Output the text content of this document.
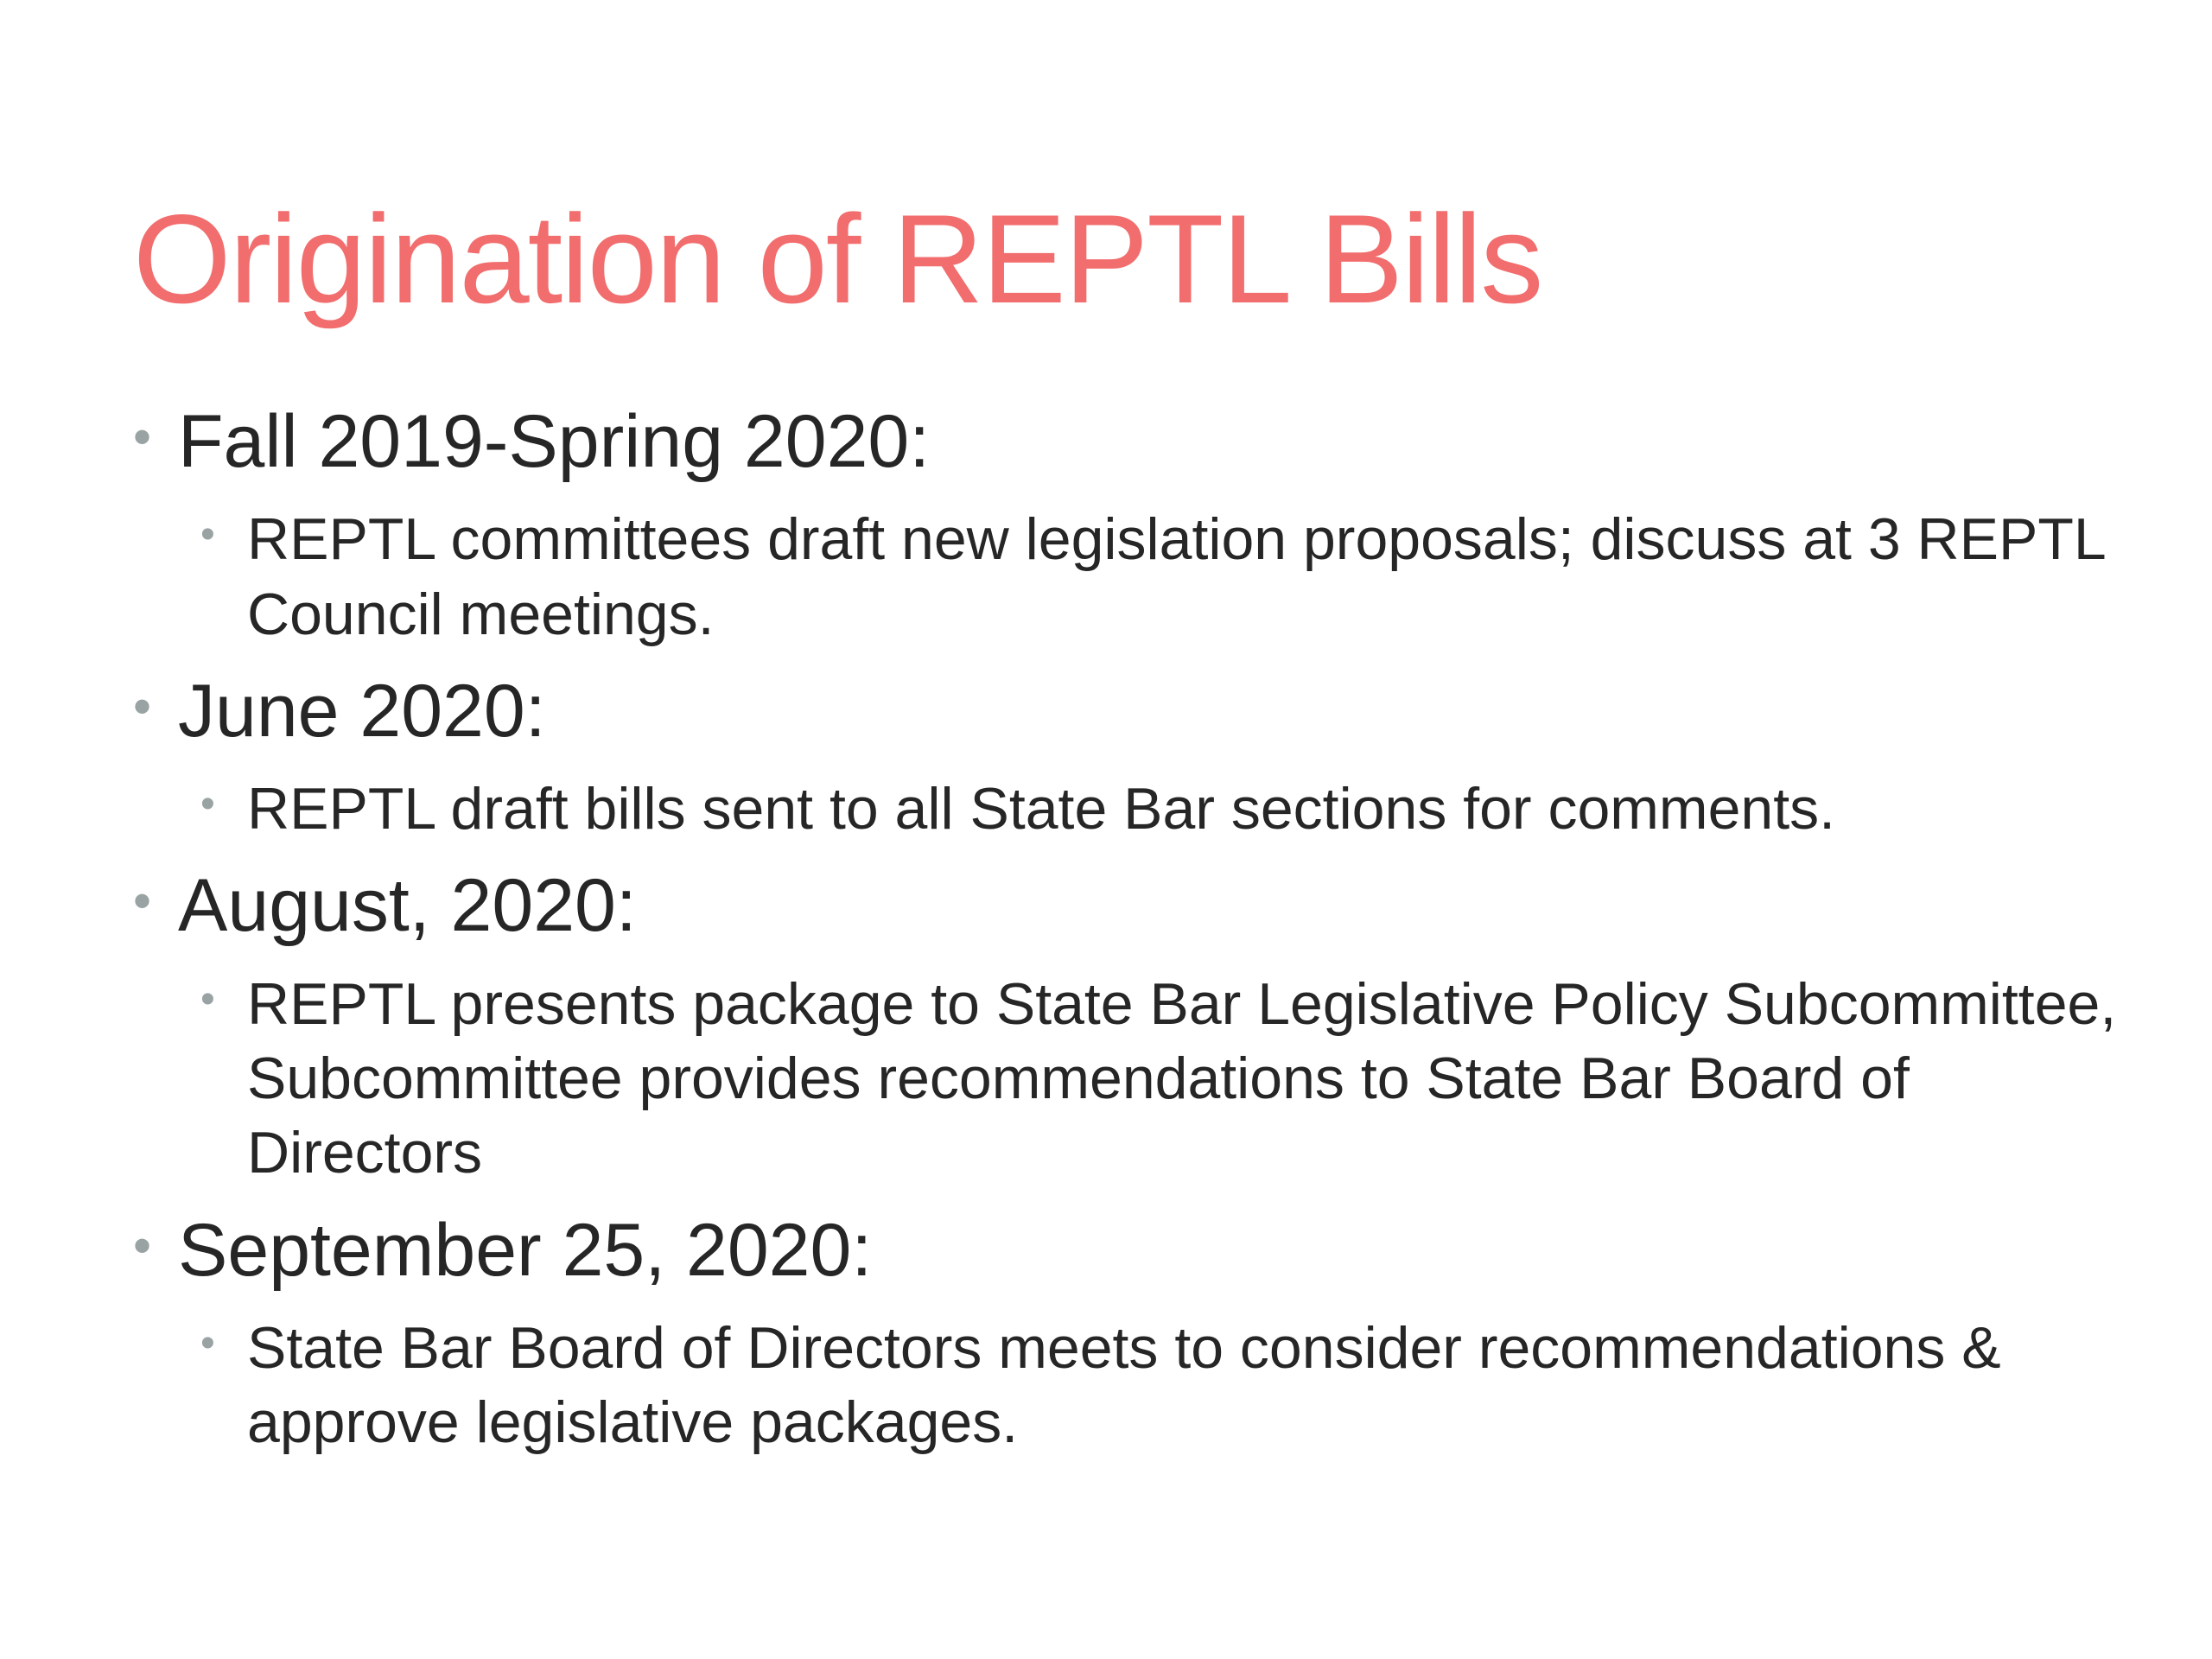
Origination of REPTL Bills
• Fall 2019-Spring 2020:
• REPTL committees draft new legislation proposals; discuss at 3 REPTL Council meetings.
• June 2020:
• REPTL draft bills sent to all State Bar sections for comments.
• August, 2020:
• REPTL presents package to State Bar Legislative Policy Subcommittee, Subcommittee provides recommendations to State Bar Board of Directors
• September 25, 2020:
• State Bar Board of Directors meets to consider recommendations & approve legislative packages.
